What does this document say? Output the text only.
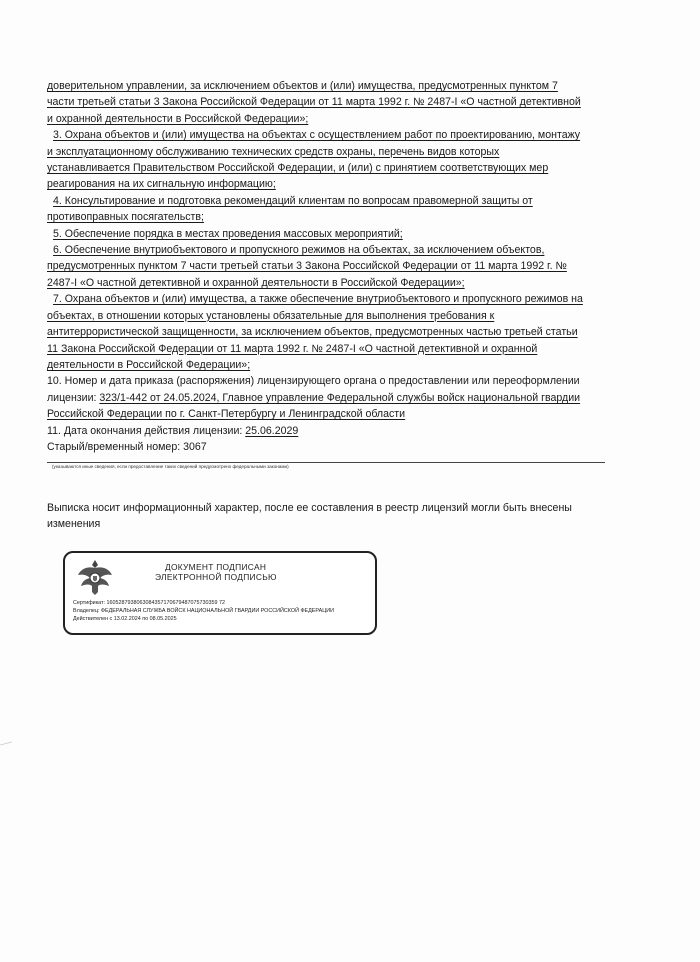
доверительном управлении, за исключением объектов и (или) имущества, предусмотренных пунктом 7
части третьей статьи 3 Закона Российской Федерации от 11 марта 1992 г. № 2487-I «О частной детективной
и охранной деятельности в Российской Федерации»;
3. Охрана объектов и (или) имущества на объектах с осуществлением работ по проектированию, монтажу
и эксплуатационному обслуживанию технических средств охраны, перечень видов которых
устанавливается Правительством Российской Федерации, и (или) с принятием соответствующих мер
реагирования на их сигнальную информацию;
4. Консультирование и подготовка рекомендаций клиентам по вопросам правомерной защиты от
противоправных посягательств;
5. Обеспечение порядка в местах проведения массовых мероприятий;
6. Обеспечение внутриобъектового и пропускного режимов на объектах, за исключением объектов,
предусмотренных пунктом 7 части третьей статьи 3 Закона Российской Федерации от 11 марта 1992 г. №
2487-I «О частной детективной и охранной деятельности в Российской Федерации»;
7. Охрана объектов и (или) имущества, а также обеспечение внутриобъектового и пропускного режимов на
объектах, в отношении которых установлены обязательные для выполнения требования к
антитеррористической защищенности, за исключением объектов, предусмотренных частью третьей статьи
11 Закона Российской Федерации от 11 марта 1992 г. № 2487-I «О частной детективной и охранной
деятельности в Российской Федерации»;
10. Номер и дата приказа (распоряжения) лицензирующего органа о предоставлении или переоформлении
лицензии: 323/1-442 от 24.05.2024, Главное управление Федеральной службы войск национальной гвардии
Российской Федерации по г. Санкт-Петербургу и Ленинградской области
11. Дата окончания действия лицензии: 25.06.2029
Старый/временный номер: 3067
(указываются иные сведения, если предоставление таких сведений предусмотрено федеральными законами)
Выписка носит информационный характер, после ее составления в реестр лицензий могли быть внесены
изменения
ДОКУМЕНТ ПОДПИСАН
ЭЛЕКТРОННОЙ ПОДПИСЬЮ
Сертификат: 1605287938063084357170679487075730359 72
Владелец: ФЕДЕРАЛЬНАЯ СЛУЖБА ВОЙСК НАЦИОНАЛЬНОЙ ГВАРДИИ РОССИЙСКОЙ ФЕДЕРАЦИИ
Действителен с 13.02.2024 по 08.05.2025
